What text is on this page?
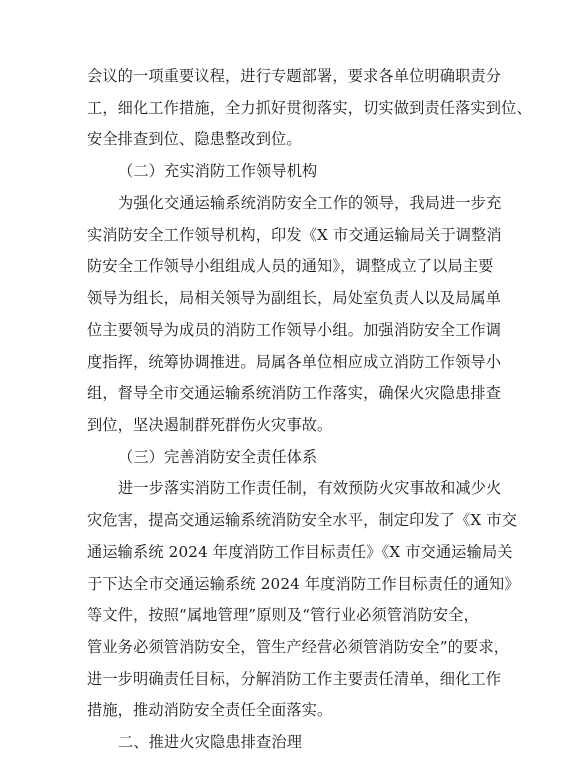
会议的一项重要议程，进行专题部署，要求各单位明确职责分
工，细化工作措施，全力抓好贯彻落实，切实做到责任落实到位、
安全排查到位、隐患整改到位。
（二）充实消防工作领导机构
为强化交通运输系统消防安全工作的领导，我局进一步充
实消防安全工作领导机构，印发《X 市交通运输局关于调整消
防安全工作领导小组组成人员的通知》，调整成立了以局主要
领导为组长，局相关领导为副组长，局处室负责人以及局属单
位主要领导为成员的消防工作领导小组。加强消防安全工作调
度指挥，统筹协调推进。局属各单位相应成立消防工作领导小
组，督导全市交通运输系统消防工作落实，确保火灾隐患排查
到位，坚决遏制群死群伤火灾事故。
（三）完善消防安全责任体系
进一步落实消防工作责任制，有效预防火灾事故和减少火
灾危害，提高交通运输系统消防安全水平，制定印发了《X 市交
通运输系统 2024 年度消防工作目标责任》《X 市交通运输局关
于下达全市交通运输系统 2024 年度消防工作目标责任的通知》
等文件，按照“属地管理”原则及“管行业必须管消防安全，
管业务必须管消防安全，管生产经营必须管消防安全”的要求，
进一步明确责任目标，分解消防工作主要责任清单，细化工作
措施，推动消防安全责任全面落实。
二、推进火灾隐患排查治理
